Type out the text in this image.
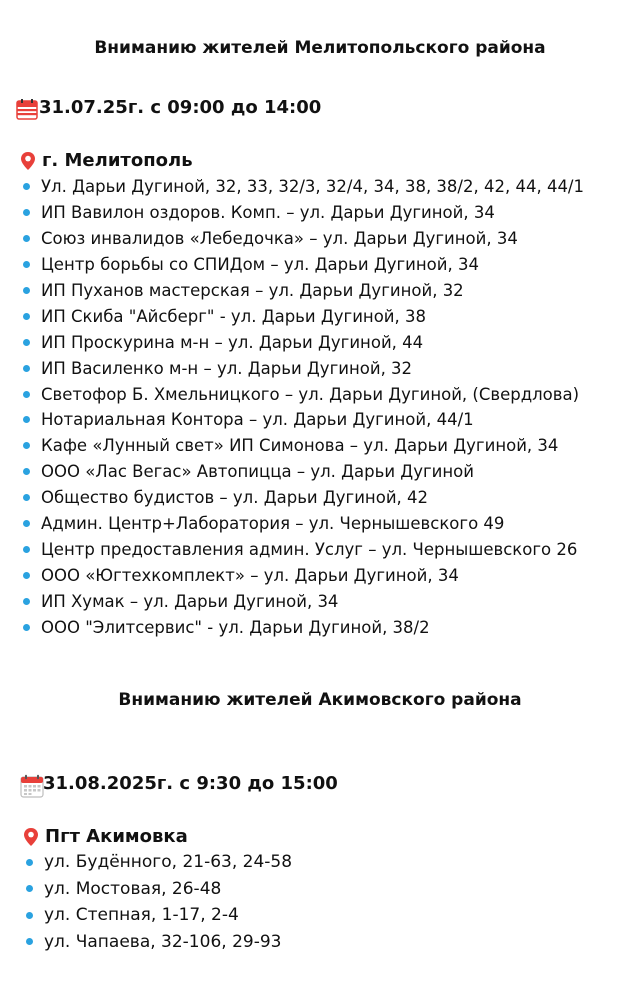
Вниманию жителей Мелитопольского района
31.07.25г. с 09:00 до 14:00
г. Мелитополь
Ул. Дарьи Дугиной, 32, 33, 32/3, 32/4, 34, 38, 38/2, 42, 44, 44/1
ИП Вавилон оздоров. Комп. – ул. Дарьи Дугиной, 34
Союз инвалидов «Лебедочка» – ул. Дарьи Дугиной, 34
Центр борьбы со СПИДом – ул. Дарьи Дугиной, 34
ИП Пуханов мастерская – ул. Дарьи Дугиной, 32
ИП Скиба "Айсберг" - ул. Дарьи Дугиной, 38
ИП Проскурина м-н – ул. Дарьи Дугиной, 44
ИП Василенко м-н – ул. Дарьи Дугиной, 32
Светофор Б. Хмельницкого – ул. Дарьи Дугиной, (Свердлова)
Нотариальная Контора – ул. Дарьи Дугиной, 44/1
Кафе «Лунный свет» ИП Симонова – ул. Дарьи Дугиной, 34
ООО «Лас Вегас» Автопицца – ул. Дарьи Дугиной
Общество будистов – ул. Дарьи Дугиной, 42
Админ. Центр+Лаборатория – ул. Чернышевского 49
Центр предоставления админ. Услуг – ул. Чернышевского 26
ООО «Югтехкомплект» – ул. Дарьи Дугиной, 34
ИП Хумак – ул. Дарьи Дугиной, 34
ООО "Элитсервис" - ул. Дарьи Дугиной, 38/2
Вниманию жителей Акимовского района
31.08.2025г. с 9:30 до 15:00
Пгт Акимовка
ул. Будённого, 21-63, 24-58
ул. Мостовая, 26-48
ул. Степная, 1-17, 2-4
ул. Чапаева, 32-106, 29-93
